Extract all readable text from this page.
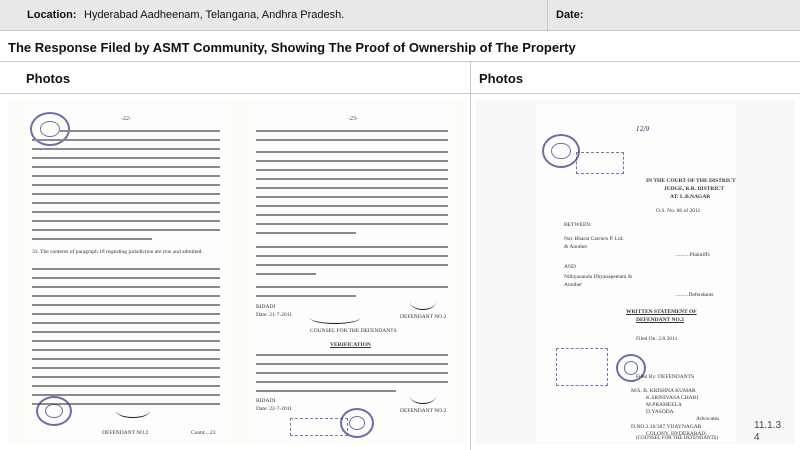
Location: Hyderabad Aadheenam, Telangana, Andhra Pradesh.	Date:
The Response Filed by ASMT Community, Showing The Proof of Ownership of The Property
Photos	Photos
-22-
33. The contents of paragraph 18 regarding jurisdiction are true and admitted.
DEFENDANT NO.2	Contd....23
-23-
BIDADI
Date: 21-7-2011	DEFENDANT NO.2
COUNSEL FOR THE DEFENDANTS
VERIFICATION
BIDADI
Date: 22-7-2011	DEFENDANT NO.2
12/9
IN THE COURT OF THE DISTRICT
JUDGE, R.R. DISTRICT
AT: L.B.NAGAR
O.S. No. 66 of 2011
BETWEEN:
Nav Bharat Carriers P. Ltd.
& Another
..........Plaintiffs
AND
Nithyananda Dhyanapeetam &
Another
.........Defendants
WRITTEN STATEMENT OF
DEFENDANT NO.2
Filed On: 2.8.2011
Filed By: DEFENDANTS
M/S. B. KRISHNA KUMAR
K.SRINIVASA CHARI
M.PRAMEELA
D.YASODA
Advocates
D.NO.2.16/387,VIJAYNAGAR
COLONY, HYDERABAD.
(COUNSEL FOR THE DEFENDANTS)
11.1.3
4
